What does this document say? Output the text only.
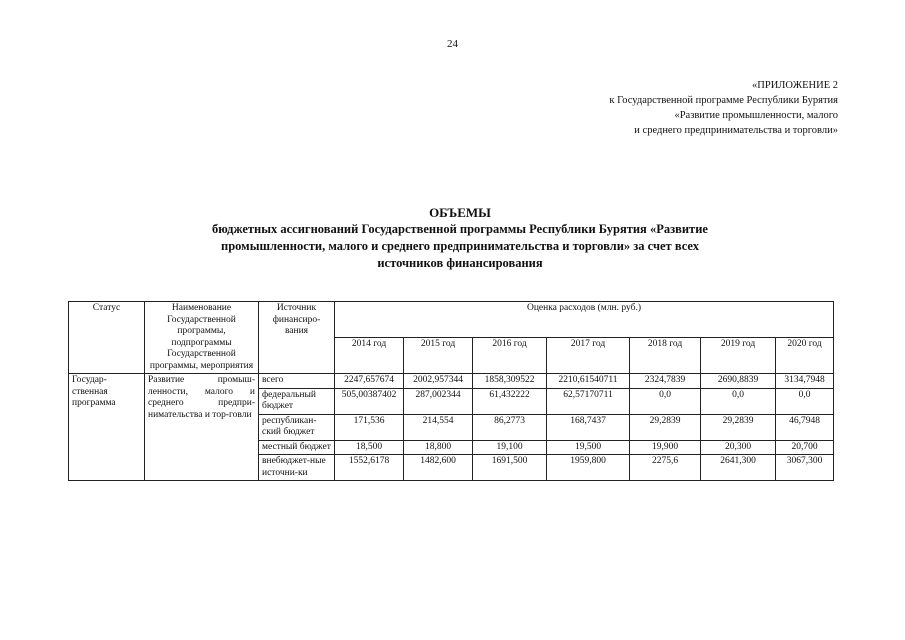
24
«ПРИЛОЖЕНИЕ 2
к Государственной программе Республики Бурятия
«Развитие промышленности, малого
и среднего предпринимательства и торговли»
ОБЪЕМЫ
бюджетных ассигнований Государственной программы Республики Бурятия «Развитие
промышленности, малого и среднего предпринимательства и торговли» за счет всех
источников финансирования
Статус	Наименование Государственной программы, подпрограммы Государственной программы, мероприятия	Источник финансиро-вания	Оценка расходов (млн. руб.)						
			2014 год	2015 год	2016 год	2017 год	2018 год	2019 год	2020 год
Государ-ственная программа	Развитие промыш-ленности, малого и среднего предпри-нимательства и тор-говли	всего	2247,657674	2002,957344	1858,309522	2210,61540711	2324,7839	2690,8839	3134,7948
		федеральный бюджет	505,00387402	287,002344	61,432222	62,57170711	0,0	0,0	0,0
		республикан-ский бюджет	171,536	214,554	86,2773	168,7437	29,2839	29,2839	46,7948
		местный бюджет	18,500	18,800	19,100	19,500	19,900	20,300	20,700
		внебюджет-ные источни-ки	1552,6178	1482,600	1691,500	1959,800	2275,6	2641,300	3067,300
